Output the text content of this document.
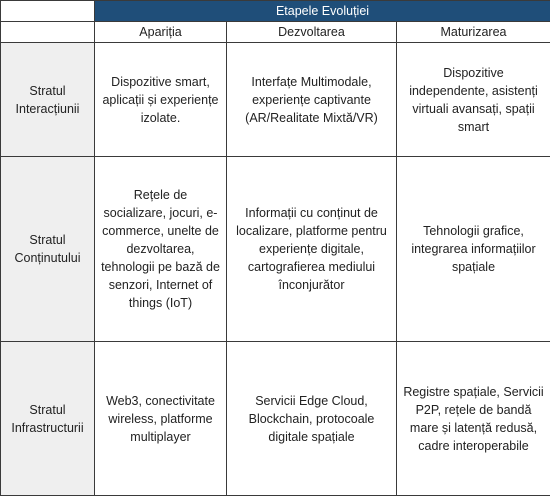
	Etapele Evoluției		
	Apariția	Dezvoltarea	Maturizarea
Stratul Interacțiunii	Dispozitive smart, aplicații și experiențe izolate.	Interfațe Multimodale, experiențe captivante (AR/Realitate Mixtă/VR)	Dispozitive independente, asistenți virtuali avansați, spații smart
Stratul Conținutului	Rețele de socializare, jocuri, e-commerce, unelte de dezvoltarea, tehnologii pe bază de senzori, Internet of things (IoT)	Informații cu conținut de localizare, platforme pentru experiențe digitale, cartografierea mediului înconjurător	Tehnologii grafice, integrarea informațiilor spațiale
Stratul Infrastructurii	Web3, conectivitate wireless, platforme multiplayer	Servicii Edge Cloud, Blockchain, protocoale digitale spațiale	Registre spațiale, Servicii P2P, rețele de bandă mare și latență redusă, cadre interoperabile
